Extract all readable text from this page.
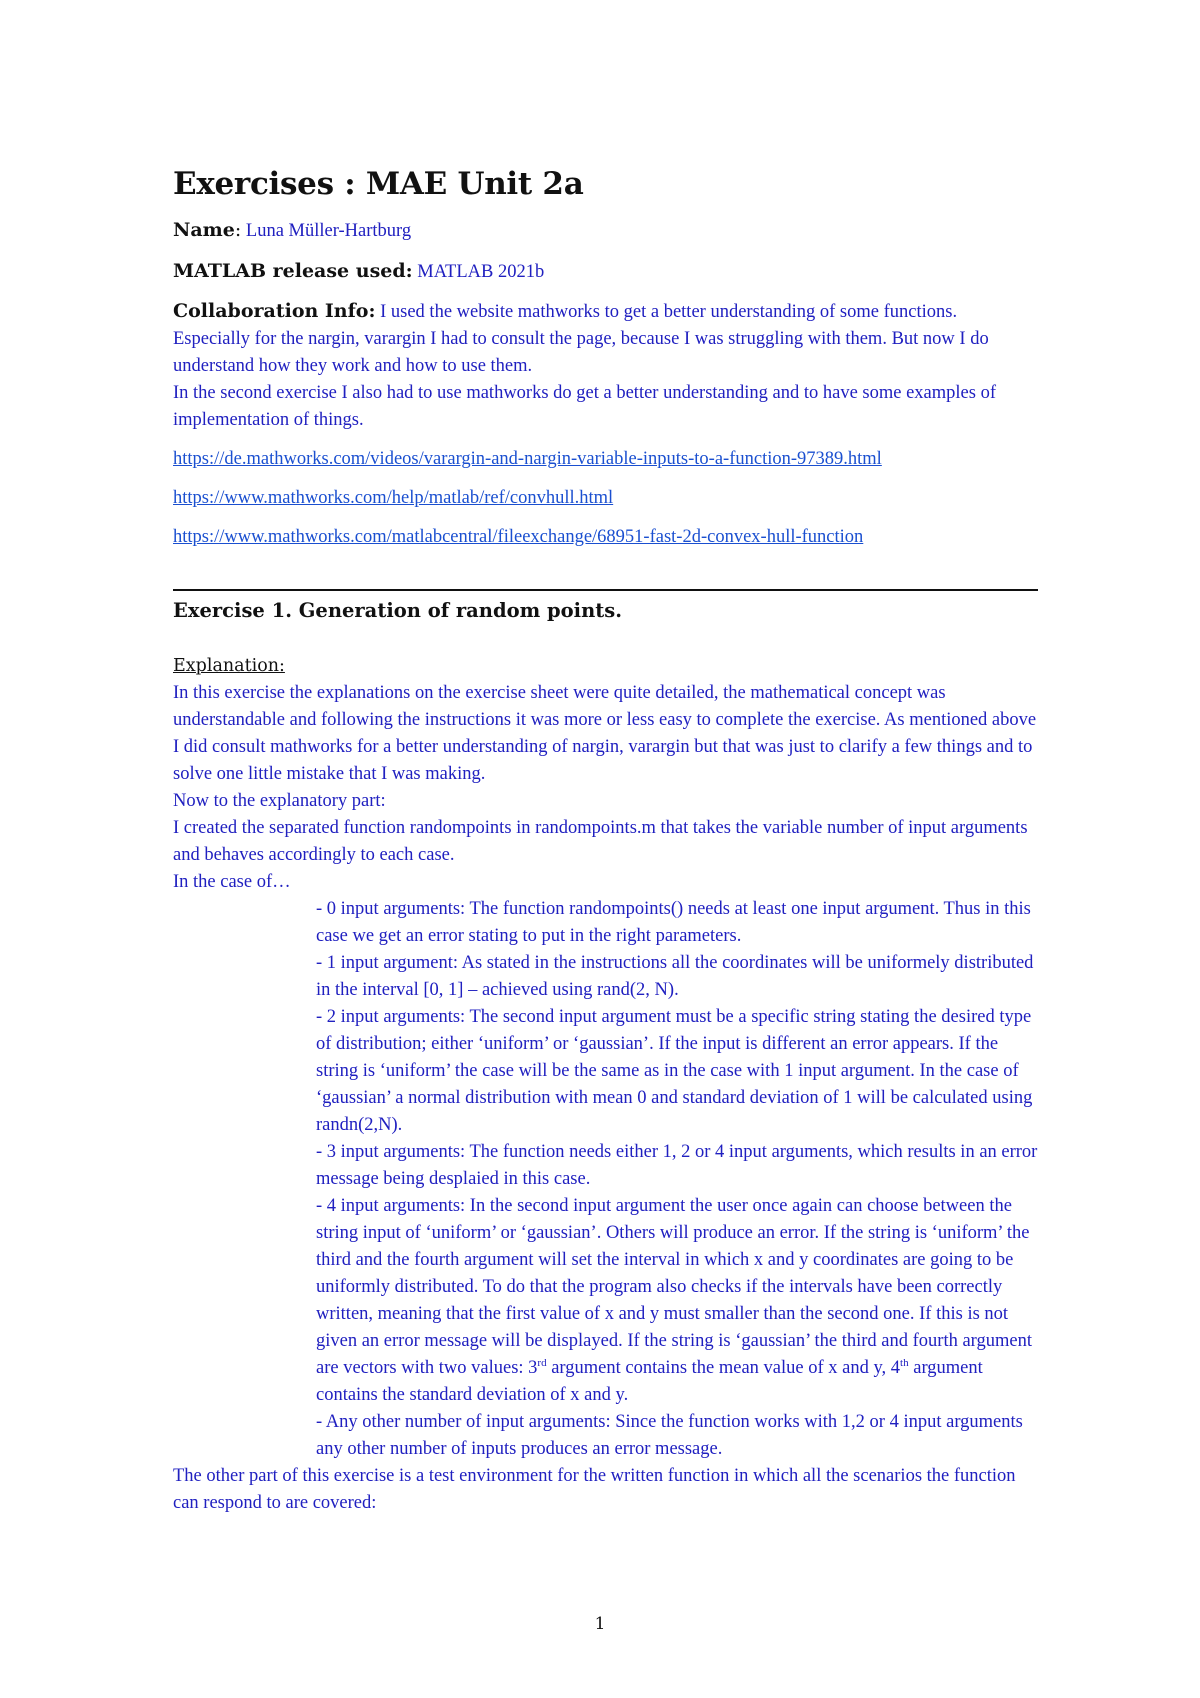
Exercises : MAE Unit 2a

Name: Luna Müller-Hartburg

MATLAB release used: MATLAB 2021b

Collaboration Info: I used the website mathworks to get a better understanding of some functions. Especially for the nargin, varargin I had to consult the page, because I was struggling with them. But now I do understand how they work and how to use them.

In the second exercise I also had to use mathworks do get a better understanding and to have some examples of implementation of things.

https://de.mathworks.com/videos/varargin-and-nargin-variable-inputs-to-a-function-97389.html
https://www.mathworks.com/help/matlab/ref/convhull.html
https://www.mathworks.com/matlabcentral/fileexchange/68951-fast-2d-convex-hull-function
Exercise 1. Generation of random points.

Explanation:

In this exercise the explanations on the exercise sheet were quite detailed, the mathematical concept was understandable and following the instructions it was more or less easy to complete the exercise. As mentioned above I did consult mathworks for a better understanding of nargin, varargin but that was just to clarify a few things and to solve one little mistake that I was making.

Now to the explanatory part:

I created the separated function randompoints in randompoints.m that takes the variable number of input arguments and behaves accordingly to each case.

In the case of…

- 0 input arguments: The function randompoints() needs at least one input argument. Thus in this case we get an error stating to put in the right parameters.
- 1 input argument: As stated in the instructions all the coordinates will be uniformely distributed in the interval [0, 1] – achieved using rand(2, N).
- 2 input arguments: The second input argument must be a specific string stating the desired type of distribution; either ‘uniform’ or ‘gaussian’. If the input is different an error appears. If the string is ‘uniform’ the case will be the same as in the case with 1 input argument. In the case of ‘gaussian’ a normal distribution with mean 0 and standard deviation of 1 will be calculated using randn(2,N).
- 3 input arguments: The function needs either 1, 2 or 4 input arguments, which results in an error message being desplaied in this case.
- 4 input arguments: In the second input argument the user once again can choose between the string input of ‘uniform’ or ‘gaussian’. Others will produce an error. If the string is ‘uniform’ the third and the fourth argument will set the interval in which x and y coordinates are going to be uniformly distributed. To do that the program also checks if the intervals have been correctly written, meaning that the first value of x and y must smaller than the second one. If this is not given an error message will be displayed. If the string is ‘gaussian’ the third and fourth argument are vectors with two values: 3rd argument contains the mean value of x and y, 4th argument contains the standard deviation of x and y.
- Any other number of input arguments: Since the function works with 1,2 or 4 input arguments any other number of inputs produces an error message.

The other part of this exercise is a test environment for the written function in which all the scenarios the function can respond to are covered:

1
